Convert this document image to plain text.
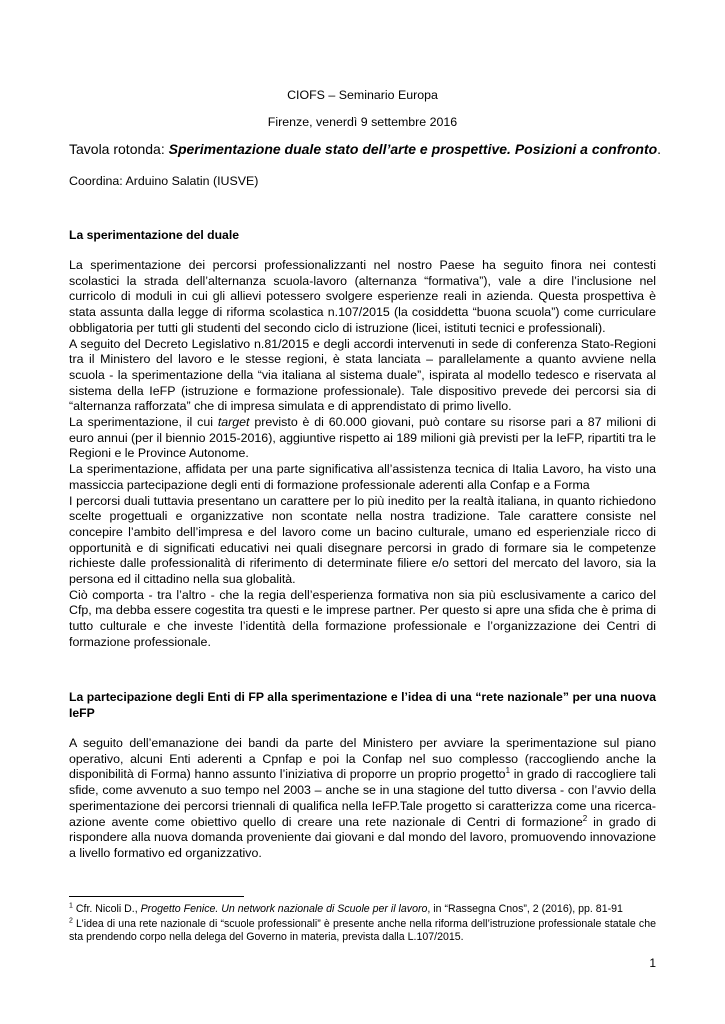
CIOFS – Seminario Europa
Firenze, venerdì 9 settembre 2016
Tavola rotonda: Sperimentazione duale stato dell’arte e prospettive. Posizioni a confronto.
Coordina: Arduino Salatin (IUSVE)
La sperimentazione del duale

La sperimentazione dei percorsi professionalizzanti nel nostro Paese ha seguito finora nei contesti scolastici la strada dell’alternanza scuola-lavoro (alternanza “formativa”), vale a dire l’inclusione nel curricolo di moduli in cui gli allievi potessero svolgere esperienze reali in azienda. Questa prospettiva è stata assunta dalla legge di riforma scolastica n.107/2015 (la cosiddetta “buona scuola”) come curriculare obbligatoria per tutti gli studenti del secondo ciclo di istruzione (licei, istituti tecnici e professionali).

A seguito del Decreto Legislativo n.81/2015 e degli accordi intervenuti in sede di conferenza Stato-Regioni tra il Ministero del lavoro e le stesse regioni, è stata lanciata – parallelamente a quanto avviene nella scuola - la sperimentazione della “via italiana al sistema duale”, ispirata al modello tedesco e riservata al sistema della IeFP (istruzione e formazione professionale). Tale dispositivo prevede dei percorsi sia di “alternanza rafforzata” che di impresa simulata e di apprendistato di primo livello.

La sperimentazione, il cui target previsto è di 60.000 giovani, può contare su risorse pari a 87 milioni di euro annui (per il biennio 2015-2016), aggiuntive rispetto ai 189 milioni già previsti per la IeFP, ripartiti tra le Regioni e le Province Autonome.

La sperimentazione, affidata per una parte significativa all’assistenza tecnica di Italia Lavoro, ha visto una massiccia partecipazione degli enti di formazione professionale aderenti alla Confap e a Forma

I percorsi duali tuttavia presentano un carattere per lo più inedito per la realtà italiana, in quanto richiedono scelte progettuali e organizzative non scontate nella nostra tradizione. Tale carattere consiste nel concepire l’ambito dell’impresa e del lavoro come un bacino culturale, umano ed esperienziale ricco di opportunità e di significati educativi nei quali disegnare percorsi in grado di formare sia le competenze richieste dalle professionalità di riferimento di determinate filiere e/o settori del mercato del lavoro, sia la persona ed il cittadino nella sua globalità.

Ciò comporta - tra l’altro - che la regia dell’esperienza formativa non sia più esclusivamente a carico del Cfp, ma debba essere cogestita tra questi e le imprese partner. Per questo si apre una sfida che è prima di tutto culturale e che investe l’identità della formazione professionale e l’organizzazione dei Centri di formazione professionale.

La partecipazione degli Enti di FP alla sperimentazione e l’idea di una “rete nazionale” per una nuova IeFP

A seguito dell’emanazione dei bandi da parte del Ministero per avviare la sperimentazione sul piano operativo, alcuni Enti aderenti a Cpnfap e poi la Confap nel suo complesso (raccogliendo anche la disponibilità di Forma) hanno assunto l’iniziativa di proporre un proprio progetto$^1$ in grado di raccogliere tali sfide, come avvenuto a suo tempo nel 2003 – anche se in una stagione del tutto diversa - con l’avvio della sperimentazione dei percorsi triennali di qualifica nella IeFP.Tale progetto si caratterizza come una ricerca-azione avente come obiettivo quello di creare una rete nazionale di Centri di formazione$^2$ in grado di rispondere alla nuova domanda proveniente dai giovani e dal mondo del lavoro, promuovendo innovazione a livello formativo ed organizzativo.

$^1$ Cfr. Nicoli D., Progetto Fenice. Un network nazionale di Scuole per il lavoro, in “Rassegna Cnos”, 2 (2016), pp. 81-91
$^2$ L’idea di una rete nazionale di “scuole professionali” è presente anche nella riforma dell’istruzione professionale statale che sta prendendo corpo nella delega del Governo in materia, prevista dalla L.107/2015.
1
